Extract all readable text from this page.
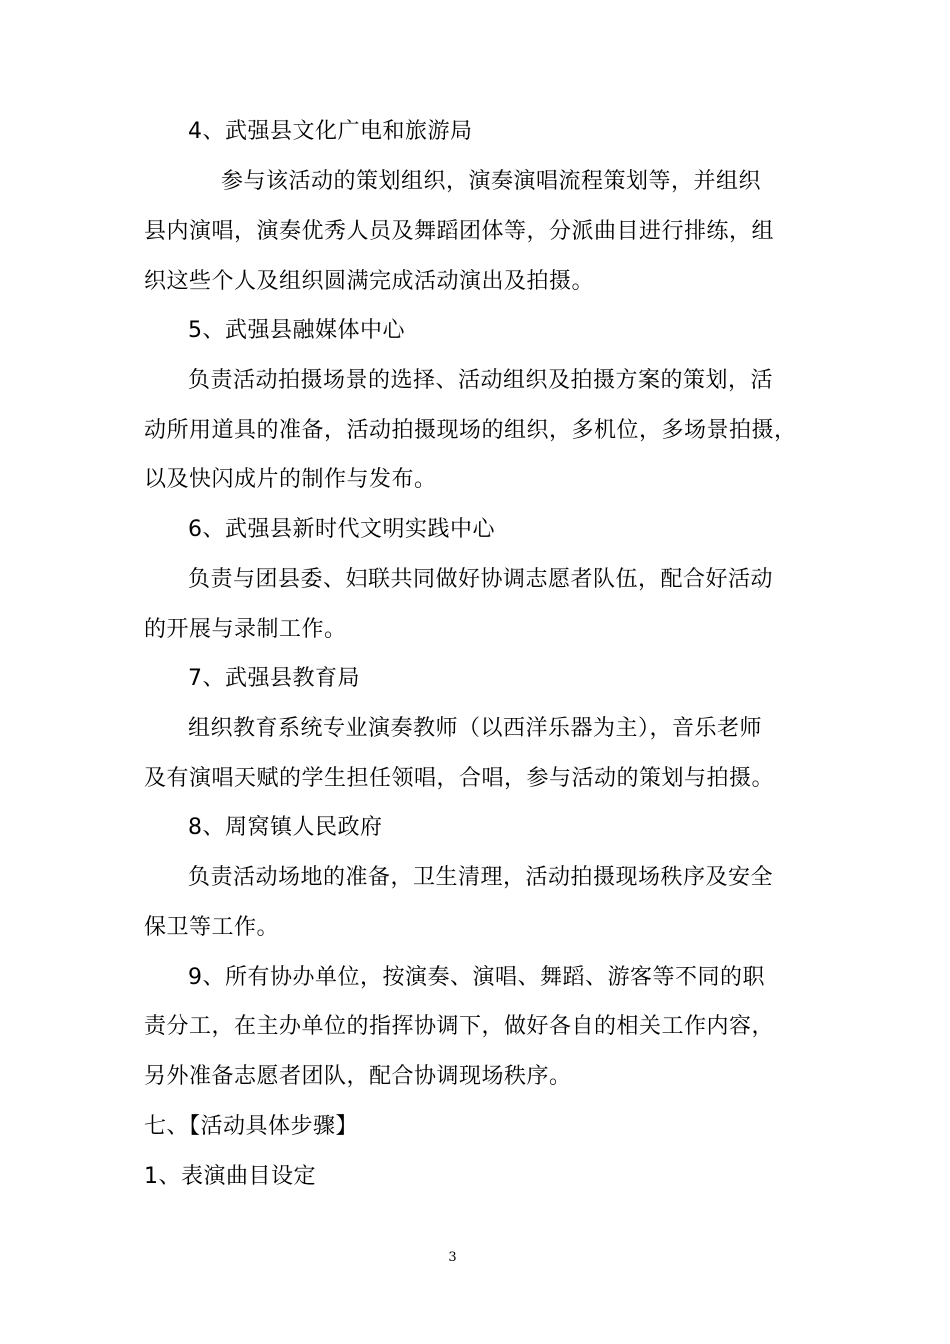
4、武强县文化广电和旅游局
参与该活动的策划组织，演奏演唱流程策划等，并组织
县内演唱，演奏优秀人员及舞蹈团体等，分派曲目进行排练，组
织这些个人及组织圆满完成活动演出及拍摄。
5、武强县融媒体中心
负责活动拍摄场景的选择、活动组织及拍摄方案的策划，活
动所用道具的准备，活动拍摄现场的组织，多机位，多场景拍摄，
以及快闪成片的制作与发布。
6、武强县新时代文明实践中心
负责与团县委、妇联共同做好协调志愿者队伍，配合好活动
的开展与录制工作。
7、武强县教育局
组织教育系统专业演奏教师（以西洋乐器为主），音乐老师
及有演唱天赋的学生担任领唱，合唱，参与活动的策划与拍摄。
8、周窝镇人民政府
负责活动场地的准备，卫生清理，活动拍摄现场秩序及安全
保卫等工作。
9、所有协办单位，按演奏、演唱、舞蹈、游客等不同的职
责分工，在主办单位的指挥协调下，做好各自的相关工作内容，
另外准备志愿者团队，配合协调现场秩序。
七、【活动具体步骤】
1、表演曲目设定
3
